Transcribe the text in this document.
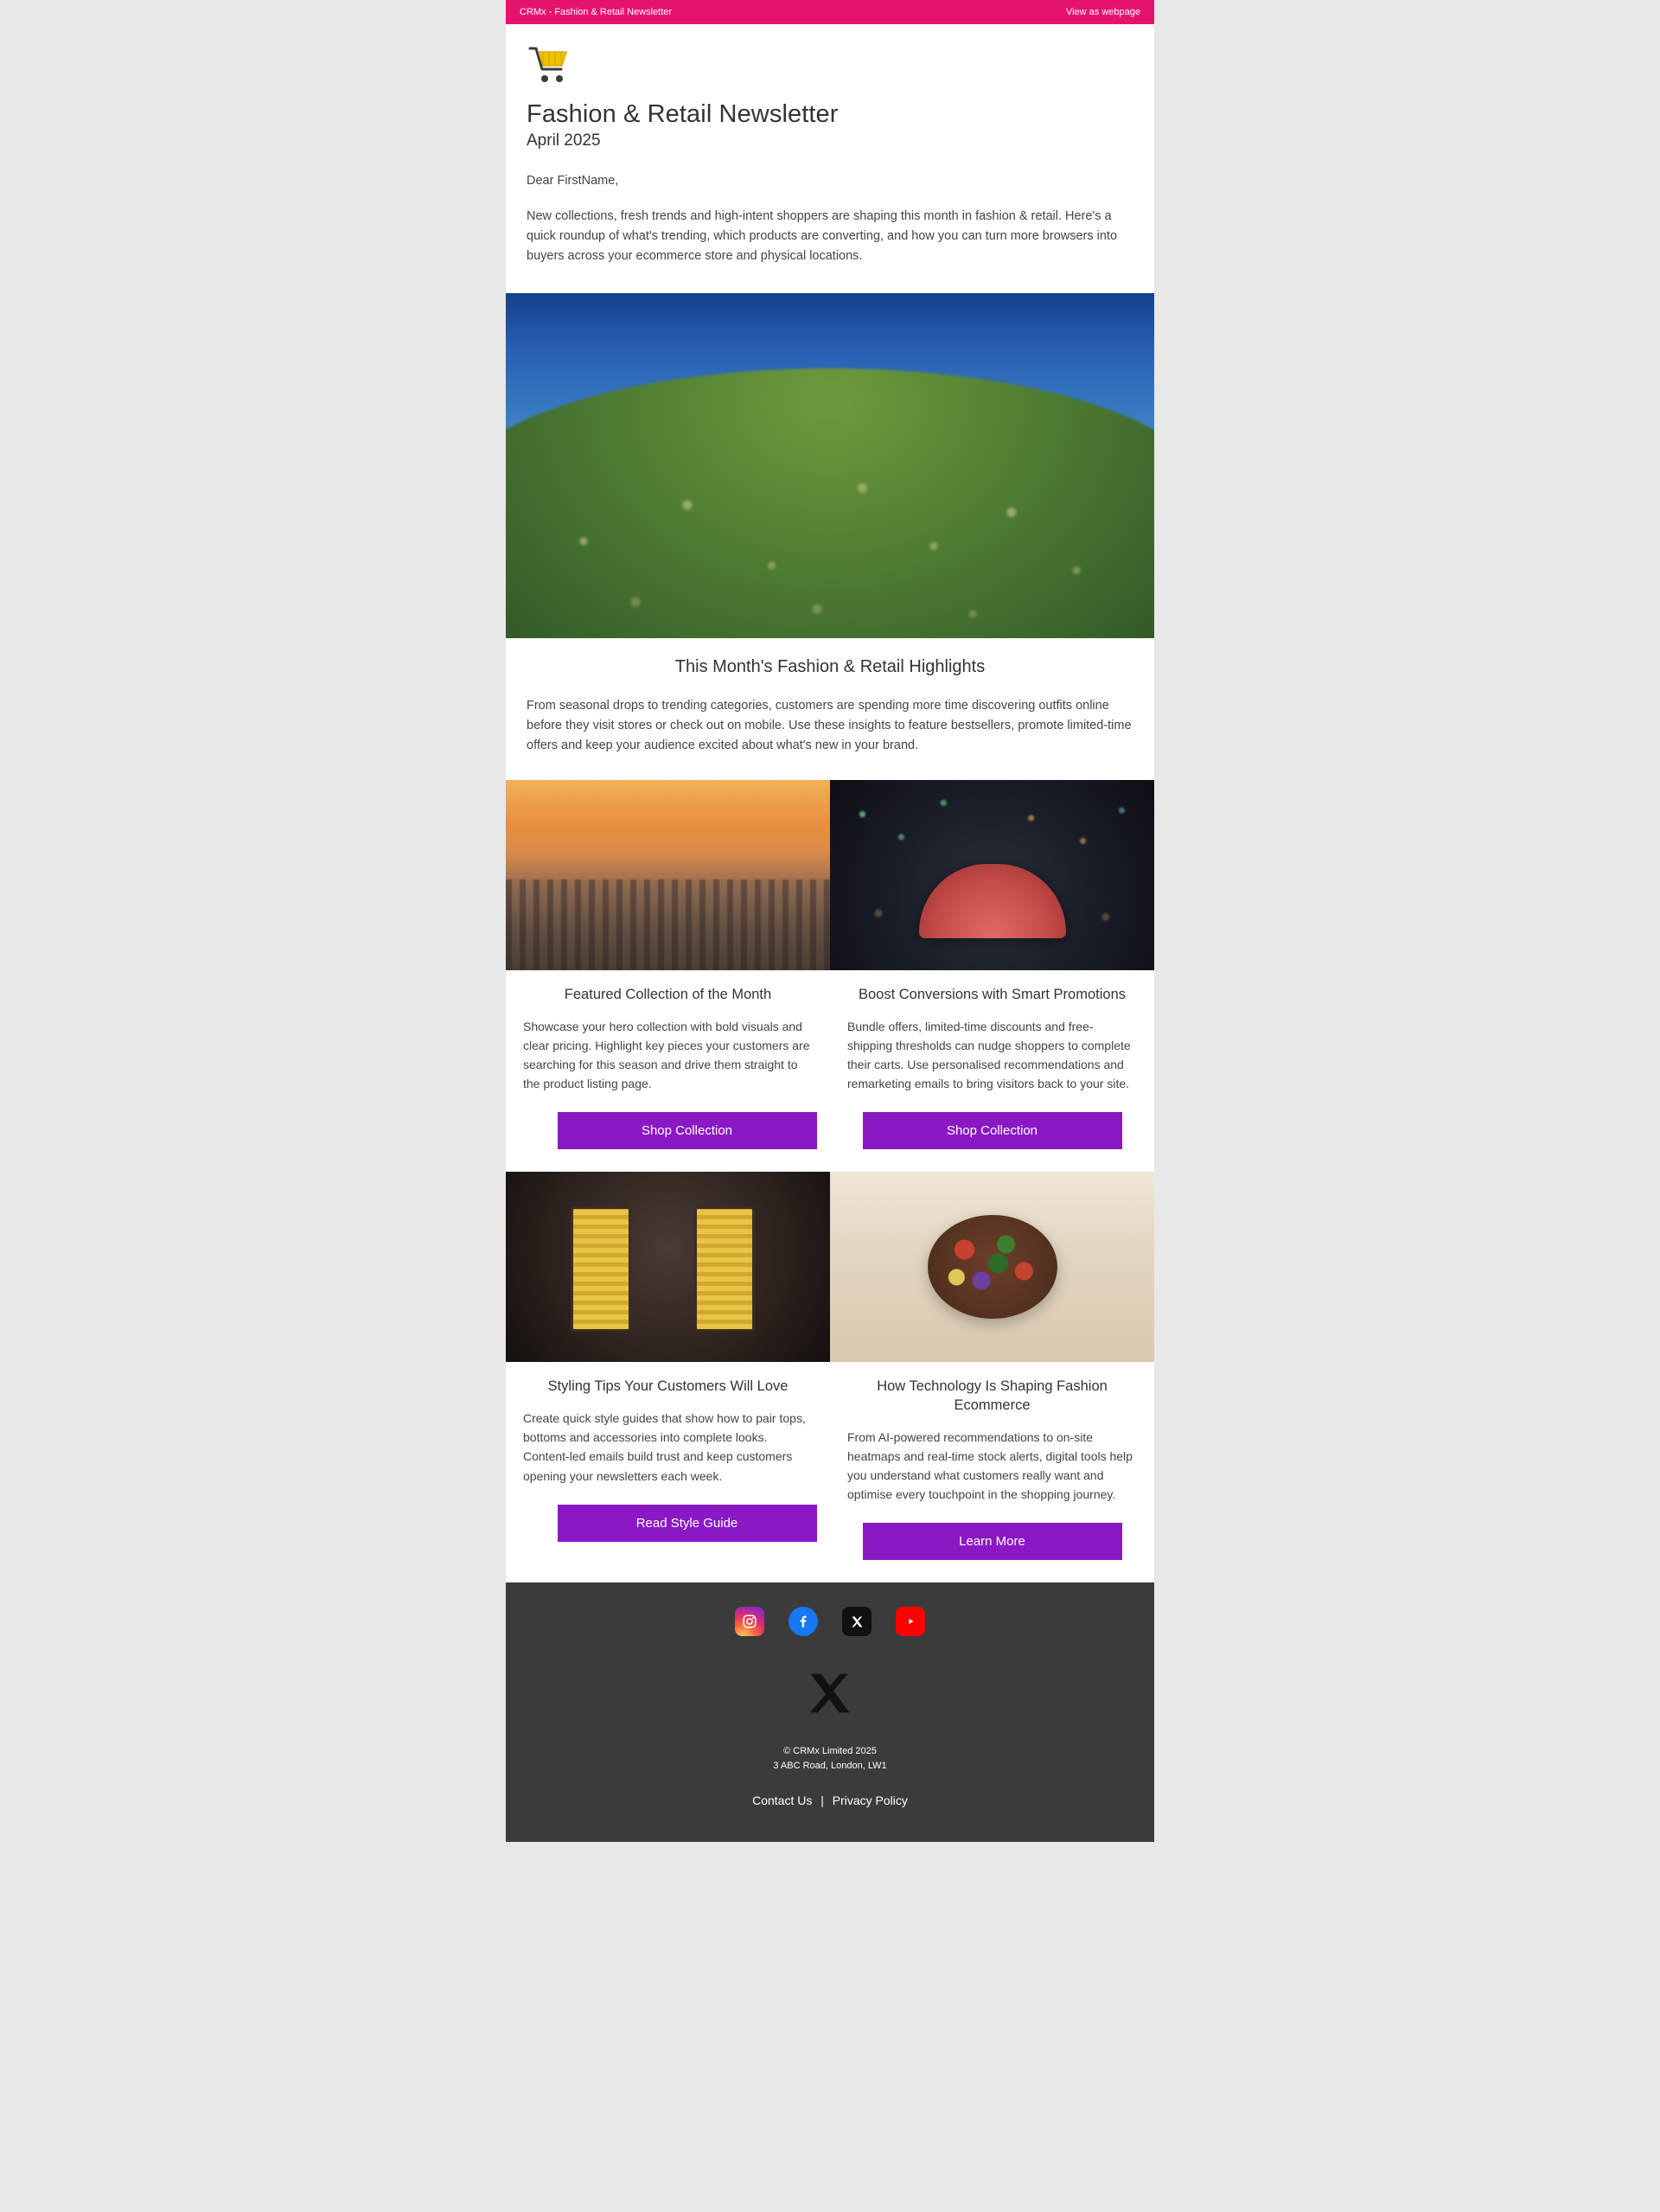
CRMx - Fashion & Retail Newsletter	View as webpage
Fashion & Retail Newsletter

April 2025

Dear FirstName,

New collections, fresh trends and high-intent shoppers are shaping this month in fashion & retail. Here's a quick roundup of what's trending, which products are converting, and how you can turn more browsers into buyers across your ecommerce store and physical locations.

This Month's Fashion & Retail Highlights

From seasonal drops to trending categories, customers are spending more time discovering outfits online before they visit stores or check out on mobile. Use these insights to feature bestsellers, promote limited-time offers and keep your audience excited about what's new in your brand.

Featured Collection of the Month

Showcase your hero collection with bold visuals and clear pricing. Highlight key pieces your customers are searching for this season and drive them straight to the product listing page.

Shop Collection
Boost Conversions with Smart Promotions

Bundle offers, limited-time discounts and free-shipping thresholds can nudge shoppers to complete their carts. Use personalised recommendations and remarketing emails to bring visitors back to your site.

Shop Collection
Styling Tips Your Customers Will Love

Create quick style guides that show how to pair tops, bottoms and accessories into complete looks. Content-led emails build trust and keep customers opening your newsletters each week.

Read Style Guide
How Technology Is Shaping Fashion Ecommerce

From AI-powered recommendations to on-site heatmaps and real-time stock alerts, digital tools help you understand what customers really want and optimise every touchpoint in the shopping journey.

Learn More
© CRMx Limited 2025
3 ABC Road, London, LW1
Contact Us | Privacy Policy
